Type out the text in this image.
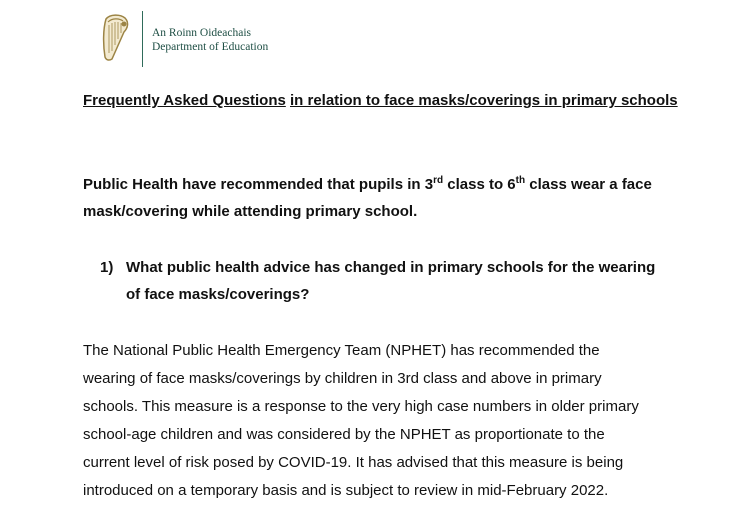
An Roinn Oideachais
Department of Education
Frequently Asked Questions in relation to face masks/coverings in primary schools
Public Health have recommended that pupils in 3rd class to 6th class wear a face mask/covering while attending primary school.
1) What public health advice has changed in primary schools for the wearing of face masks/coverings?
The National Public Health Emergency Team (NPHET) has recommended the
wearing of face masks/coverings by children in 3rd class and above in primary
schools. This measure is a response to the very high case numbers in older primary
school-age children and was considered by the NPHET as proportionate to the
current level of risk posed by COVID-19. It has advised that this measure is being
introduced on a temporary basis and is subject to review in mid-February 2022.
